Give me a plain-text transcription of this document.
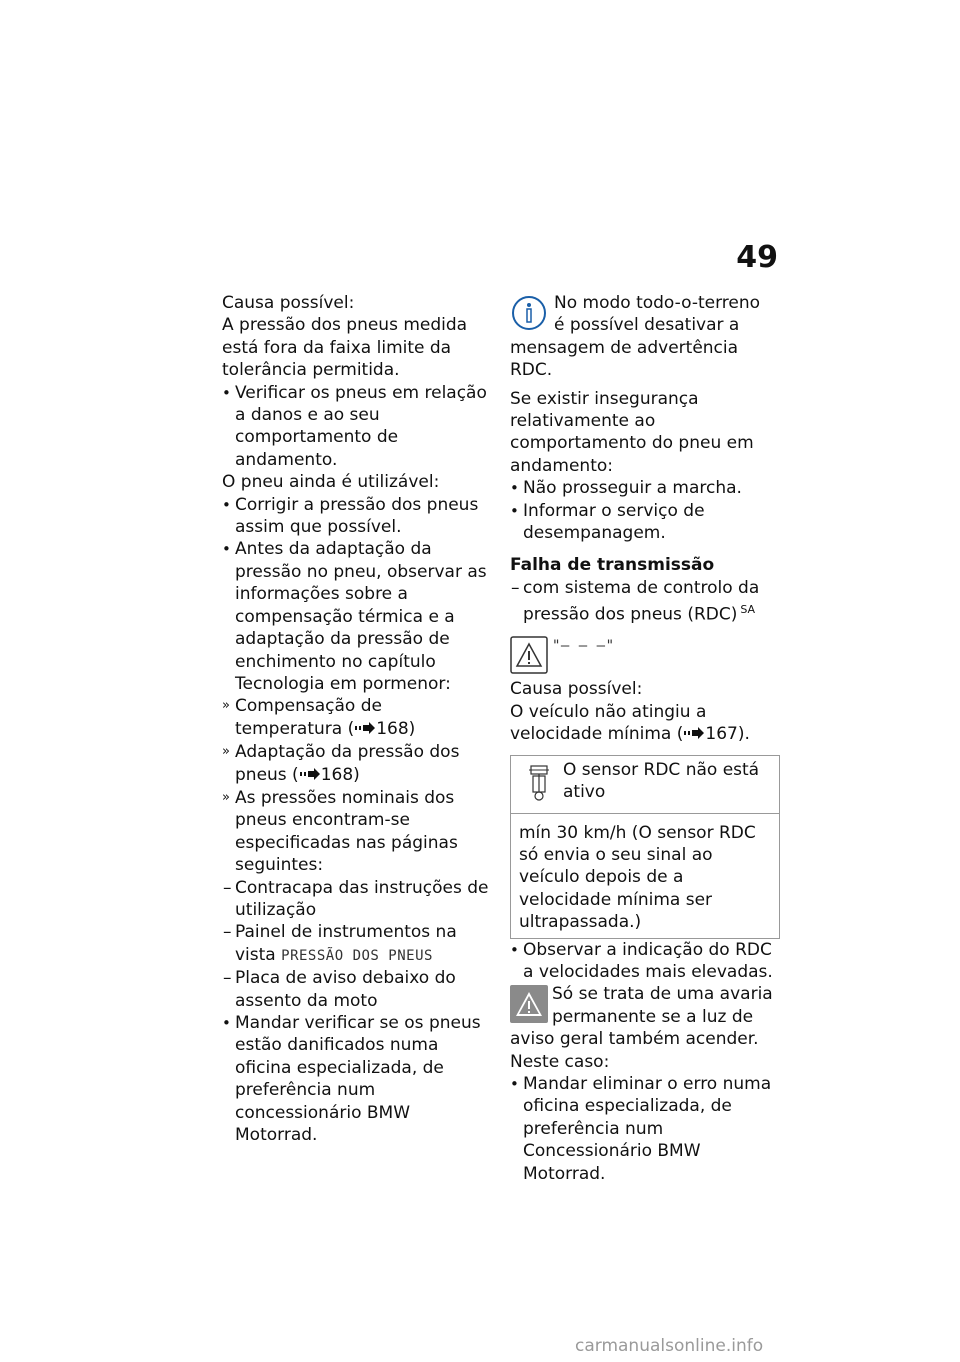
49

Causa possível:

A pressão dos pneus medida está fora da faixa limite da tolerância permitida.

• Verificar os pneus em relação a danos e ao seu comportamento de andamento.

O pneu ainda é utilizável:

• Corrigir a pressão dos pneus assim que possível.
• Antes da adaptação da pressão no pneu, observar as informações sobre a compensação térmica e a adaptação da pressão de enchimento no capítulo Tecnologia em pormenor:
» Compensação de temperatura ( 168)
» Adaptação da pressão dos pneus ( 168)
» As pressões nominais dos pneus encontram-se especificadas nas páginas seguintes:
– Contracapa das instruções de utilização
– Painel de instrumentos na vista PRESSÃO DOS PNEUS
– Placa de aviso debaixo do assento da moto
• Mandar verificar se os pneus estão danificados numa oficina especializada, de preferência num concessionário BMW Motorrad.
No modo todo-o-terreno
é possível desativar a
mensagem de advertência RDC.

Se existir insegurança relativamente ao comportamento do pneu em andamento:

• Não prosseguir a marcha.
• Informar o serviço de desempanagem.

Falha de transmissão

– com sistema de controlo da pressão dos pneus (RDC) $^{SA}$
"– – –"

Causa possível:

O veículo não atingiu a velocidade mínima ( 167).

O sensor RDC não está ativo
mín 30 km/h (O sensor RDC só envia o seu sinal ao veículo depois de a velocidade mínima ser ultrapassada.)
• Observar a indicação do RDC a velocidades mais elevadas.
Só se trata de uma avaria
permanente se a luz de
aviso geral também acender.

Neste caso:

• Mandar eliminar o erro numa oficina especializada, de preferência num Concessionário BMW Motorrad.
carmanualsonline.info
